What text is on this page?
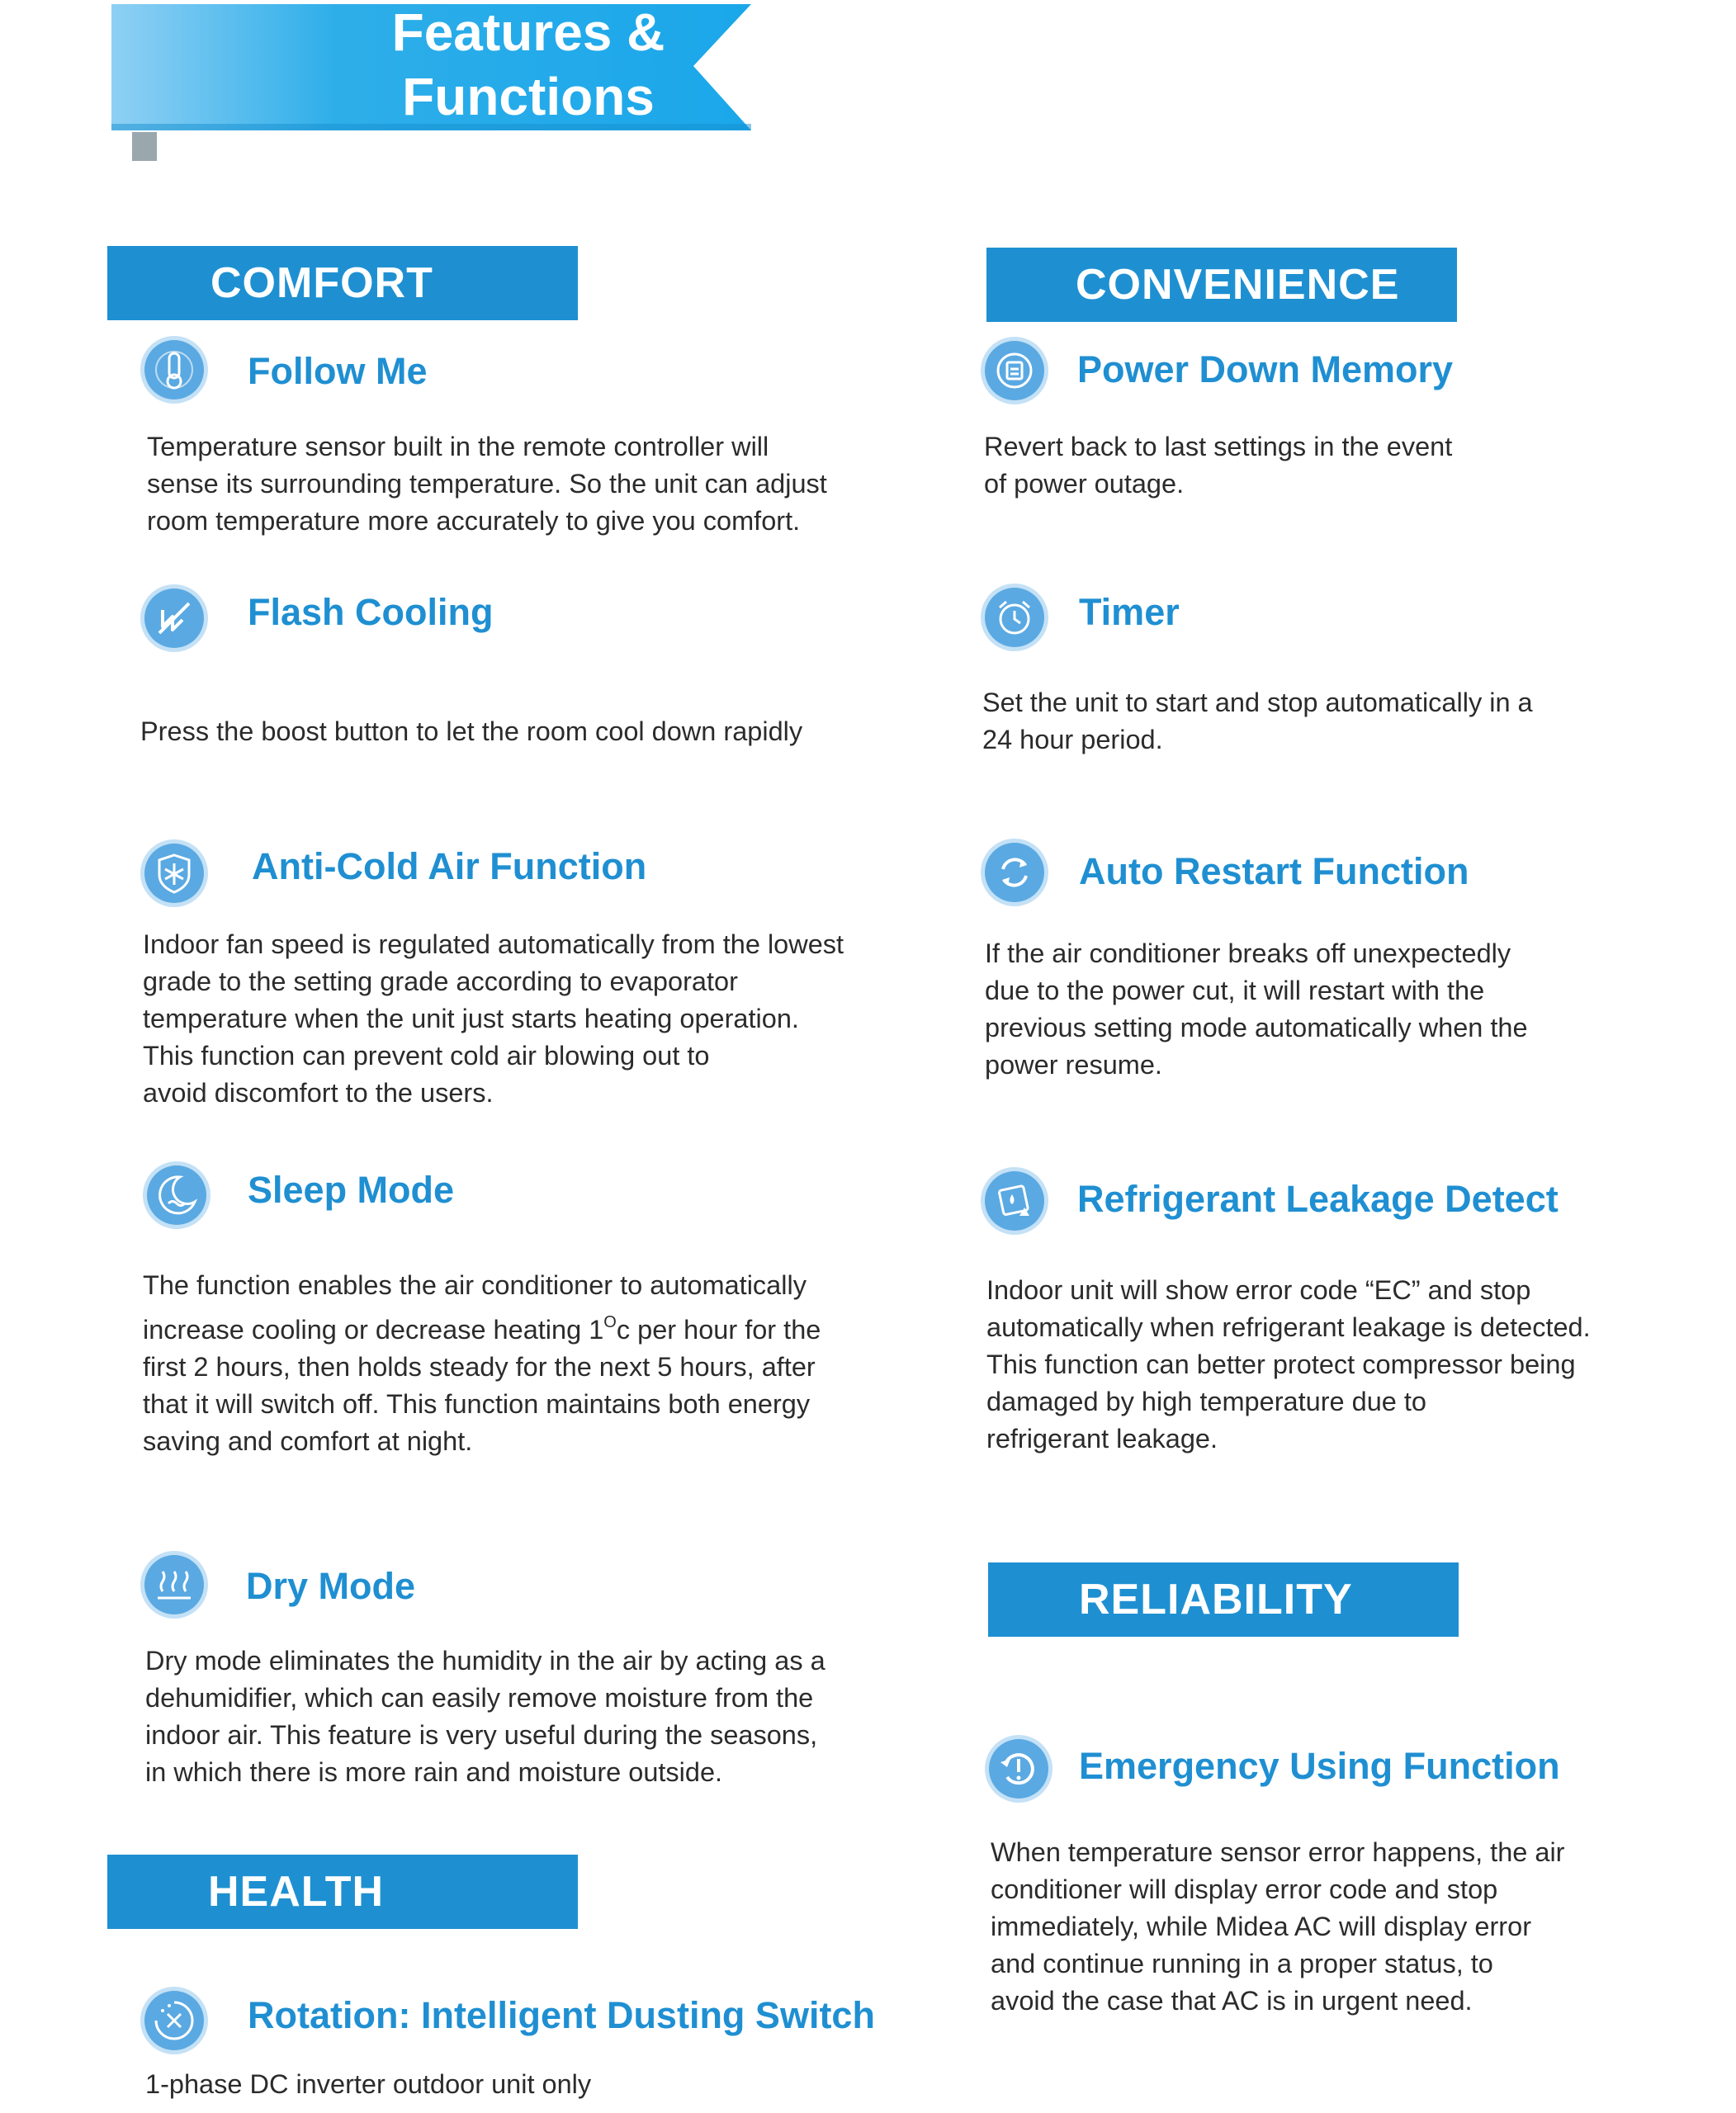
Features &
Functions
COMFORT
Follow Me
Temperature sensor built in the remote controller will
sense its surrounding temperature. So the unit can adjust
room temperature more accurately to give you comfort.
Flash Cooling
Press the boost button to let the room cool down rapidly
Anti-Cold Air Function
Indoor fan speed is regulated automatically from the lowest
grade to the setting grade according to evaporator
temperature when the unit just starts heating operation.
This function can prevent cold air blowing out to
avoid discomfort to the users.
Sleep Mode
The function enables the air conditioner to automatically
increase cooling or decrease heating $1^Oc$ per hour for the
first 2 hours, then holds steady for the next 5 hours, after
that it will switch off. This function maintains both energy
saving and comfort at night.
Dry Mode
Dry mode eliminates the humidity in the air by acting as a
dehumidifier, which can easily remove moisture from the
indoor air. This feature is very useful during the seasons,
in which there is more rain and moisture outside.
HEALTH
Rotation: Intelligent Dusting Switch
1-phase DC inverter outdoor unit only
CONVENIENCE
Power Down Memory
Revert back to last settings in the event
of power outage.
Timer
Set the unit to start and stop automatically in a
24 hour period.
Auto Restart Function
If the air conditioner breaks off unexpectedly
due to the power cut, it will restart with the
previous setting mode automatically when the
power resume.
Refrigerant Leakage Detect
Indoor unit will show error code “EC” and stop
automatically when refrigerant leakage is detected.
This function can better protect compressor being
damaged by high temperature due to
refrigerant leakage.
RELIABILITY
Emergency Using Function
When temperature sensor error happens, the air
conditioner will display error code and stop
immediately, while Midea AC will display error
and continue running in a proper status, to
avoid the case that AC is in urgent need.
